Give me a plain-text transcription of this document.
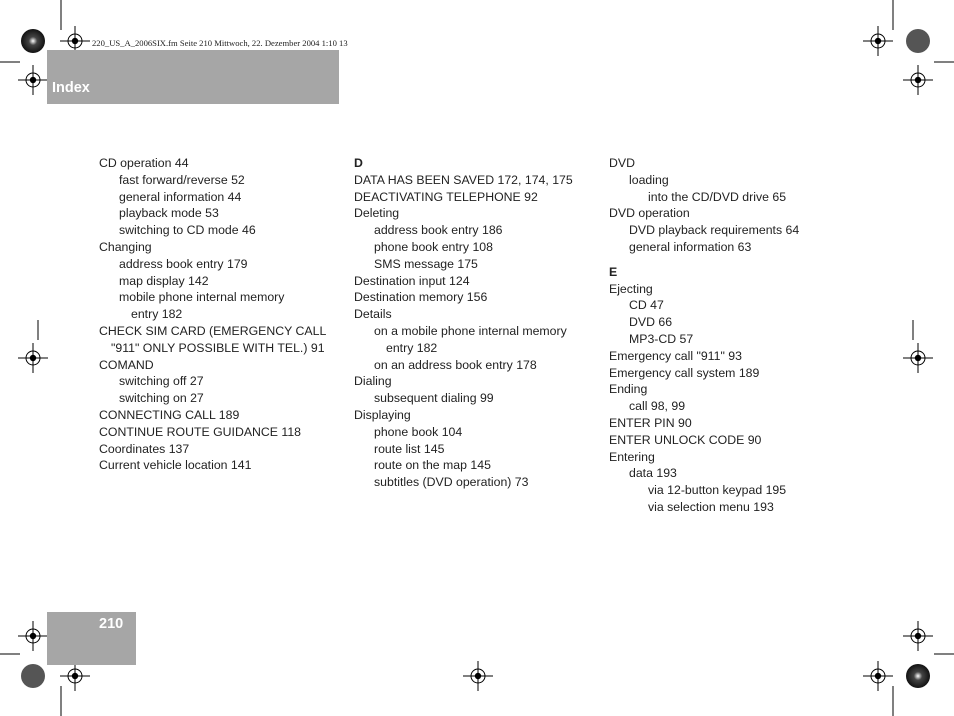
220_US_A_2006SIX.fm Seite 210 Mittwoch, 22. Dezember 2004 1:10 13
Index
CD operation 44
fast forward/reverse 52
general information 44
playback mode 53
switching to CD mode 46
Changing
address book entry 179
map display 142
mobile phone internal memory
entry 182
CHECK SIM CARD (EMERGENCY CALL
"911" ONLY POSSIBLE WITH TEL.) 91
COMAND
switching off 27
switching on 27
CONNECTING CALL 189
CONTINUE ROUTE GUIDANCE 118
Coordinates 137
Current vehicle location 141
D
DATA HAS BEEN SAVED 172, 174, 175
DEACTIVATING TELEPHONE 92
Deleting
address book entry 186
phone book entry 108
SMS message 175
Destination input 124
Destination memory 156
Details
on a mobile phone internal memory
entry 182
on an address book entry 178
Dialing
subsequent dialing 99
Displaying
phone book 104
route list 145
route on the map 145
subtitles (DVD operation) 73
DVD
loading
into the CD/DVD drive 65
DVD operation
DVD playback requirements 64
general information 63
E
Ejecting
CD 47
DVD 66
MP3-CD 57
Emergency call "911" 93
Emergency call system 189
Ending
call 98, 99
ENTER PIN 90
ENTER UNLOCK CODE 90
Entering
data 193
via 12-button keypad 195
via selection menu 193
210
